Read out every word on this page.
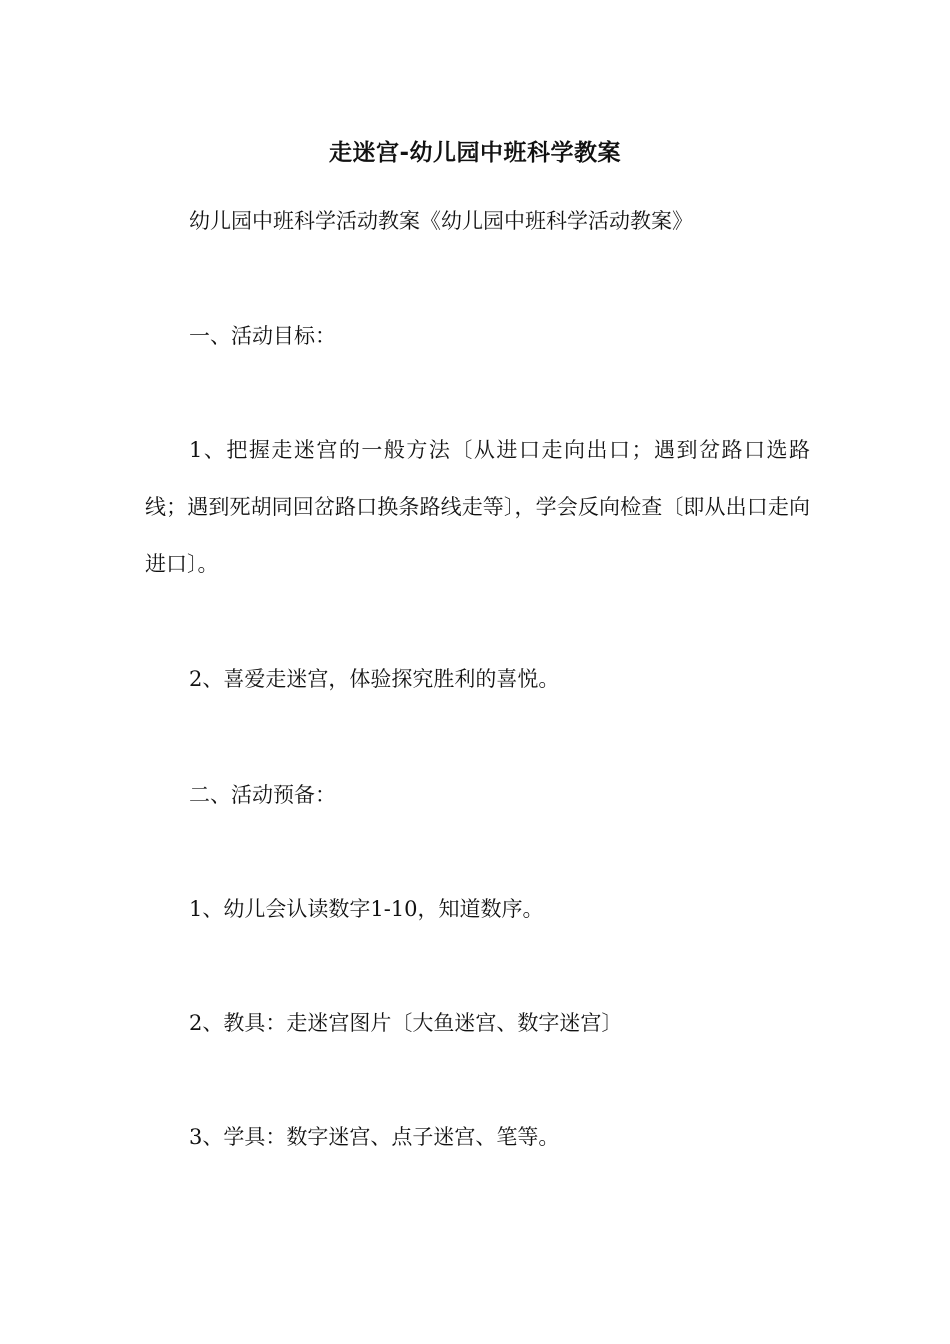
走迷宫-幼儿园中班科学教案

幼儿园中班科学活动教案《幼儿园中班科学活动教案》

一、活动目标：

1、把握走迷宫的一般方法〔从进口走向出口；遇到岔路口选路线；遇到死胡同回岔路口换条路线走等〕，学会反向检查〔即从出口走向进口〕。

2、喜爱走迷宫，体验探究胜利的喜悦。

二、活动预备：

1、幼儿会认读数字1-10，知道数序。

2、教具：走迷宫图片〔大鱼迷宫、数字迷宫〕

3、学具：数字迷宫、点子迷宫、笔等。
